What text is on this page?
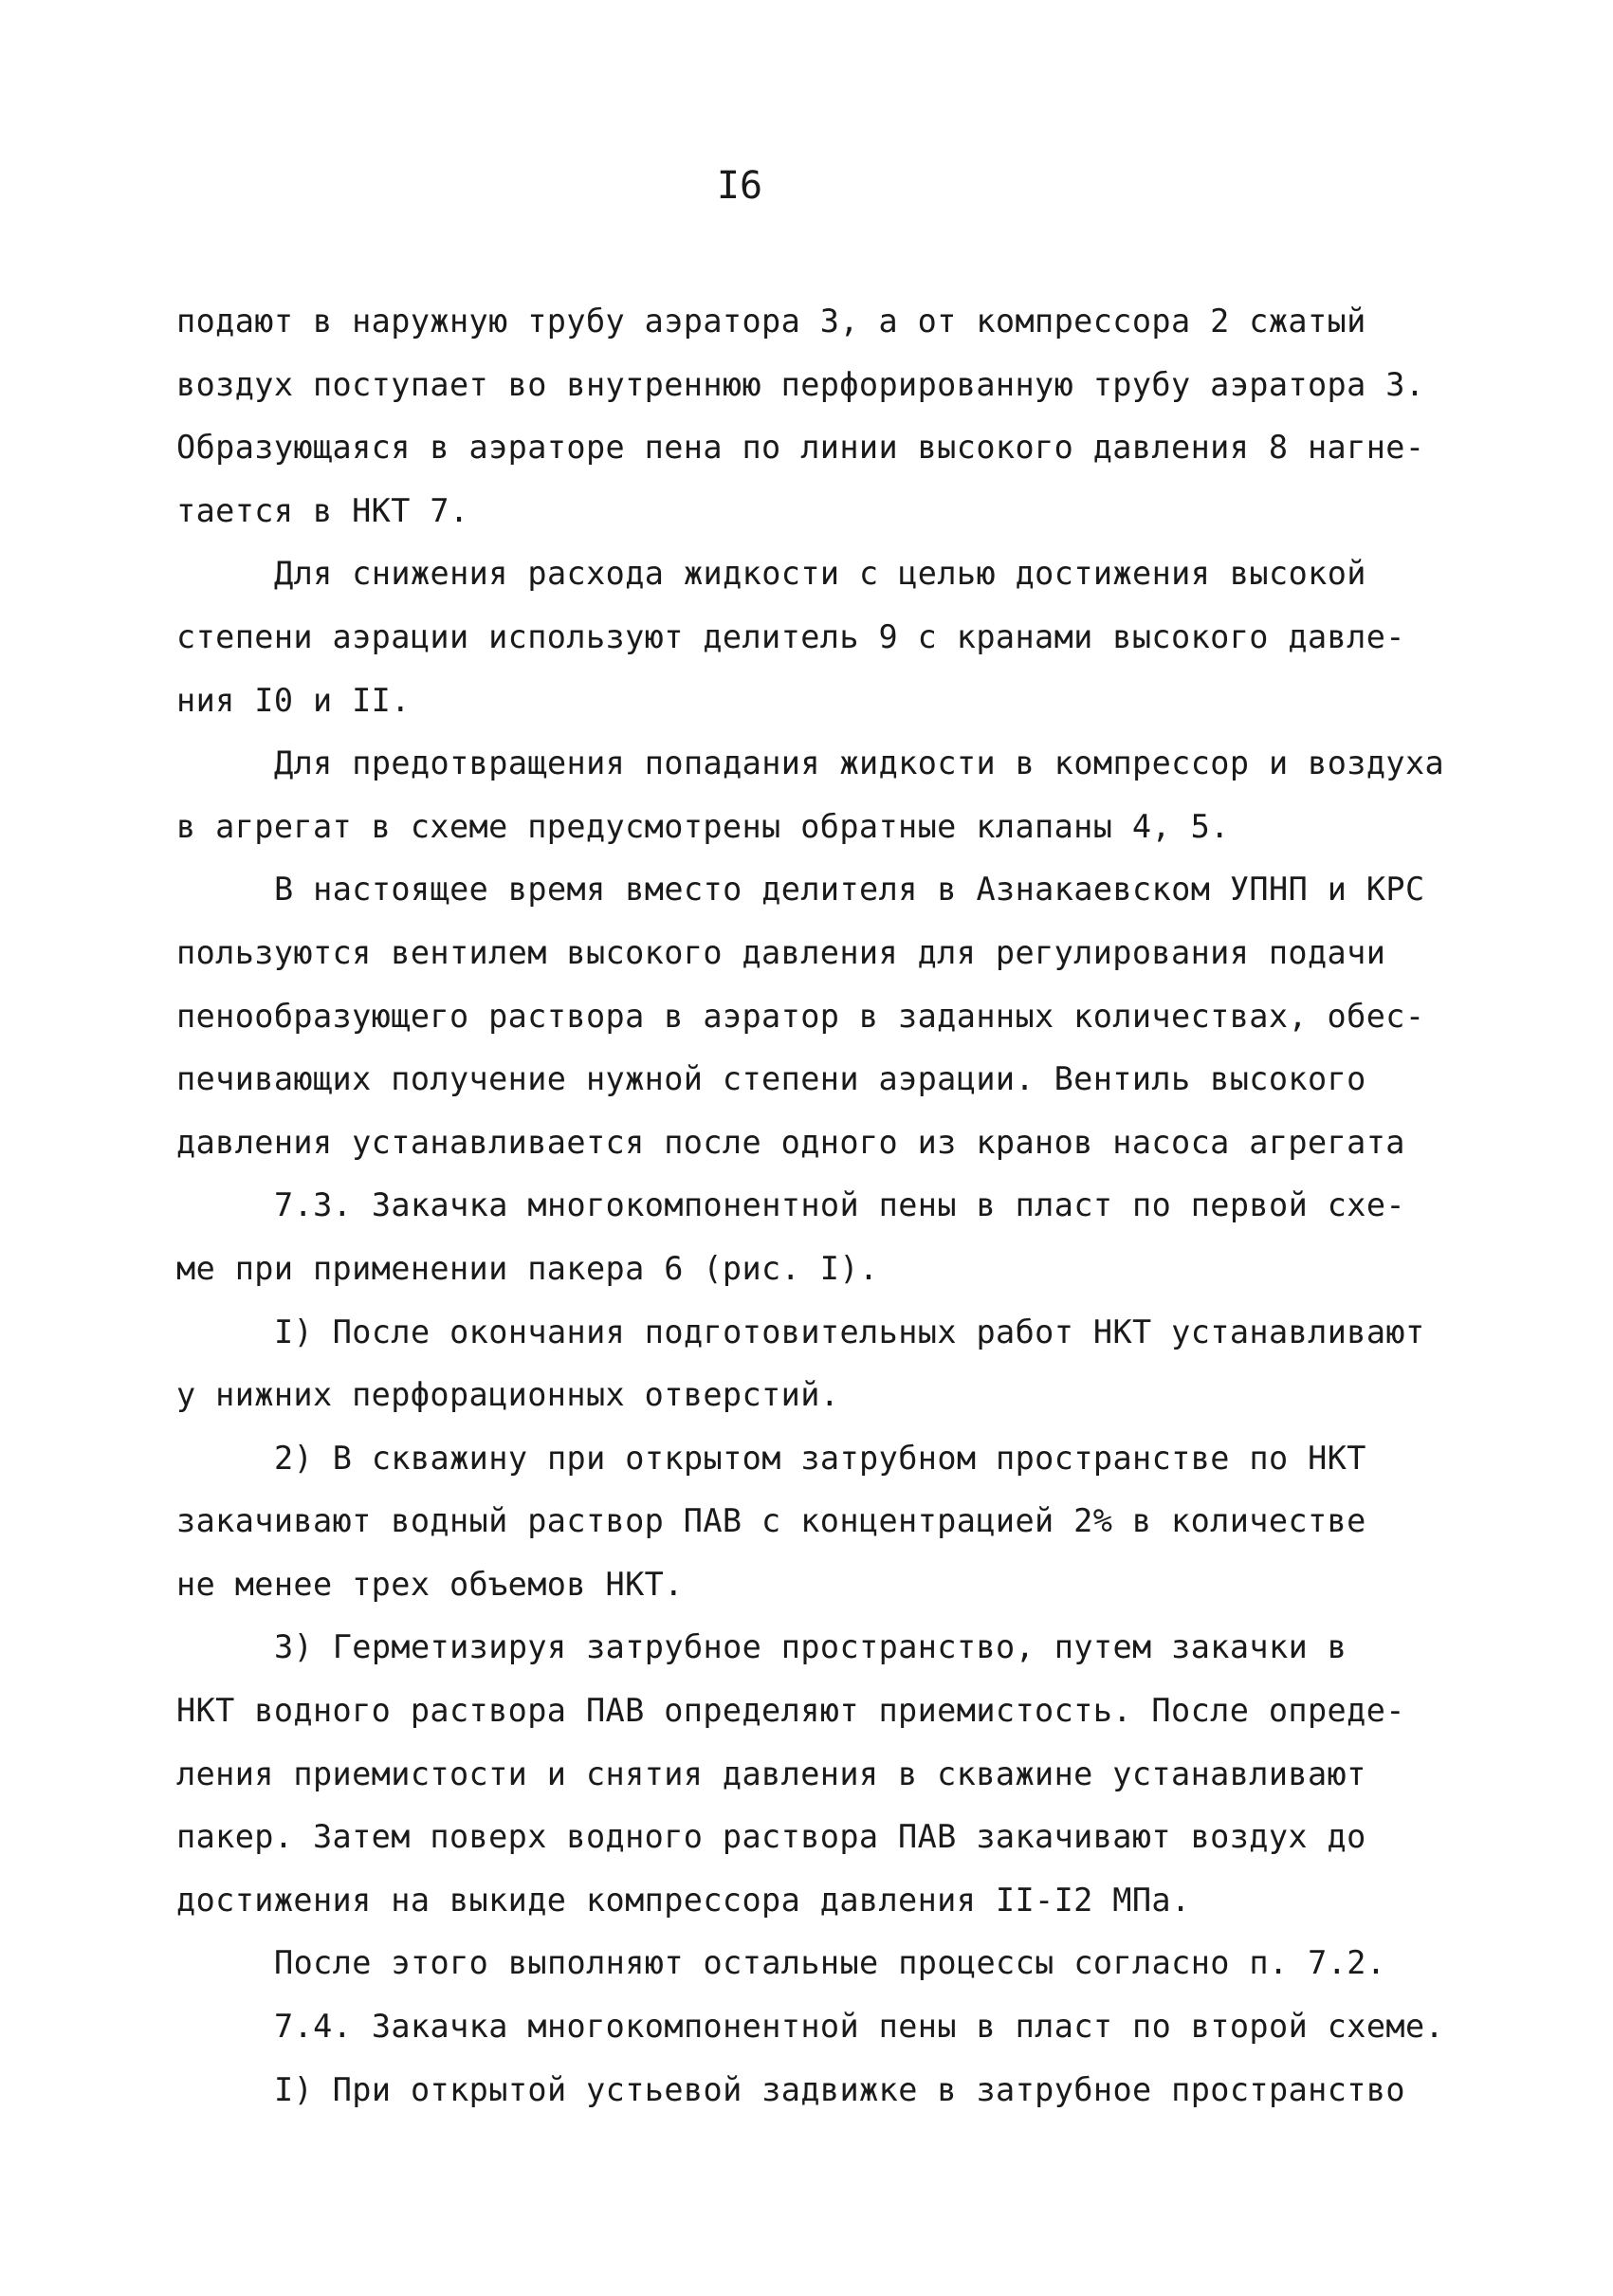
I6
подают в наружную трубу аэратора 3, а от компрессора 2 сжатый
воздух поступает во внутреннюю перфорированную трубу аэратора 3.
Образующаяся в аэраторе пена по линии высокого давления 8 нагне-
тается в НКТ 7.
Для снижения расхода жидкости с целью достижения высокой
степени аэрации используют делитель 9 с кранами высокого давле-
ния I0 и II.
Для предотвращения попадания жидкости в компрессор и воздуха
в агрегат в схеме предусмотрены обратные клапаны 4, 5.
В настоящее время вместо делителя в Азнакаевском УПНП и КРС
пользуются вентилем высокого давления для регулирования подачи
пенообразующего раствора в аэратор в заданных количествах, обес-
печивающих получение нужной степени аэрации. Вентиль высокого
давления устанавливается после одного из кранов насоса агрегата
7.3. Закачка многокомпонентной пены в пласт по первой схе-
ме при применении пакера 6 (рис. I).
I) После окончания подготовительных работ НКТ устанавливают
у нижних перфорационных отверстий.
2) В скважину при открытом затрубном пространстве по НКТ
закачивают водный раствор ПАВ с концентрацией 2% в количестве
не менее трех объемов НКТ.
3) Герметизируя затрубное пространство, путем закачки в
НКТ водного раствора ПАВ определяют приемистость. После опреде-
ления приемистости и снятия давления в скважине устанавливают
пакер. Затем поверх водного раствора ПАВ закачивают воздух до
достижения на выкиде компрессора давления II-I2 МПа.
После этого выполняют остальные процессы согласно п. 7.2.
7.4. Закачка многокомпонентной пены в пласт по второй схеме.
I) При открытой устьевой задвижке в затрубное пространство
